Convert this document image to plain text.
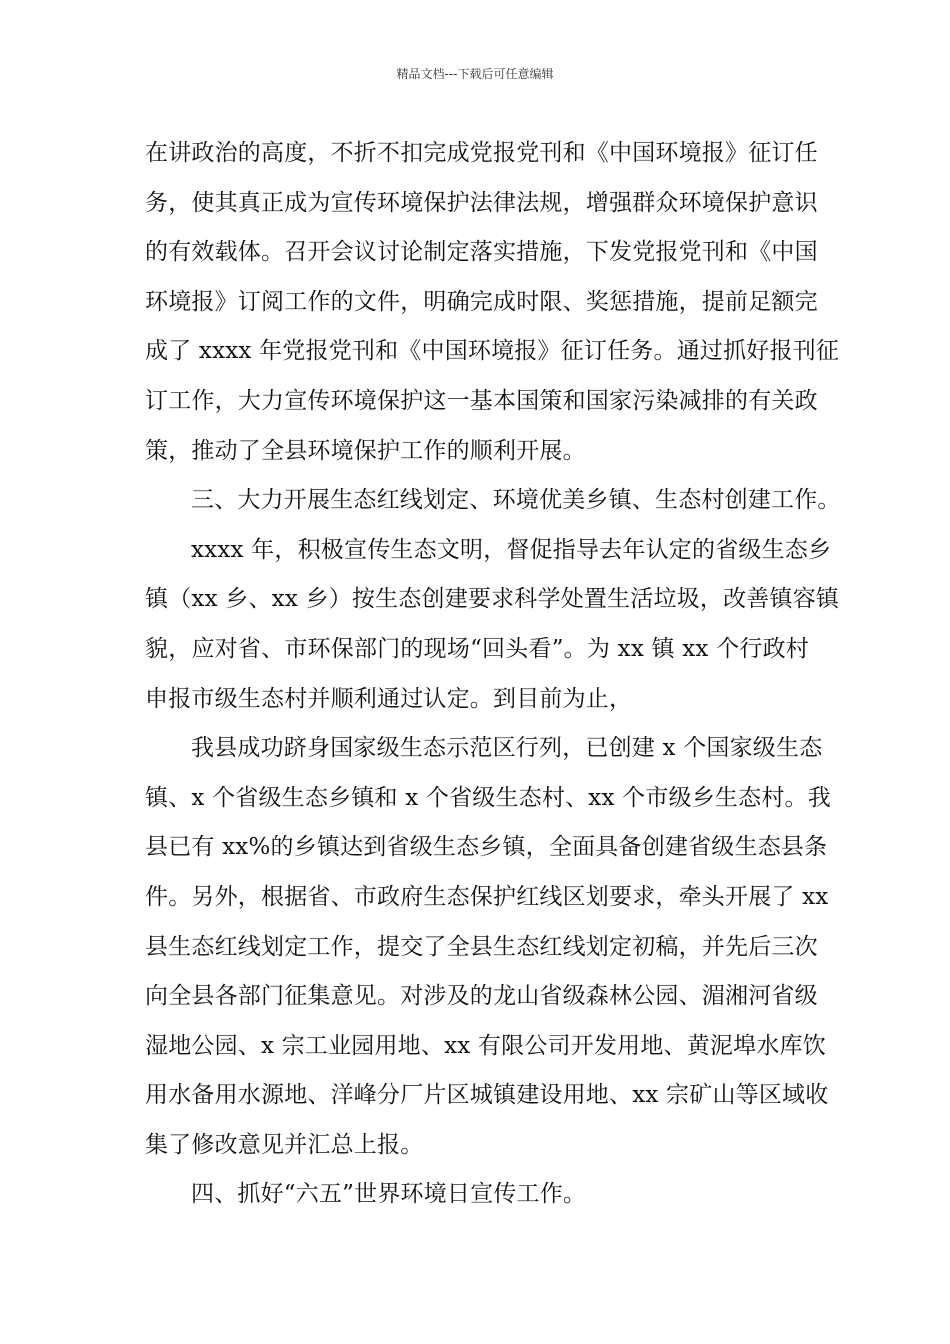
精品文档---下载后可任意编辑
在讲政治的高度，不折不扣完成党报党刊和《中国环境报》征订任
务，使其真正成为宣传环境保护法律法规，增强群众环境保护意识
的有效载体。召开会议讨论制定落实措施，下发党报党刊和《中国
环境报》订阅工作的文件，明确完成时限、奖惩措施，提前足额完
成了 xxxx 年党报党刊和《中国环境报》征订任务。通过抓好报刊征
订工作，大力宣传环境保护这一基本国策和国家污染减排的有关政
策，推动了全县环境保护工作的顺利开展。
三、大力开展生态红线划定、环境优美乡镇、生态村创建工作。
xxxx 年，积极宣传生态文明，督促指导去年认定的省级生态乡
镇（xx 乡、xx 乡）按生态创建要求科学处置生活垃圾，改善镇容镇
貌，应对省、市环保部门的现场“回头看”。为 xx 镇 xx 个行政村
申报市级生态村并顺利通过认定。到目前为止，
我县成功跻身国家级生态示范区行列，已创建 x 个国家级生态
镇、x 个省级生态乡镇和 x 个省级生态村、xx 个市级乡生态村。我
县已有 xx%的乡镇达到省级生态乡镇，全面具备创建省级生态县条
件。另外，根据省、市政府生态保护红线区划要求，牵头开展了 xx
县生态红线划定工作，提交了全县生态红线划定初稿，并先后三次
向全县各部门征集意见。对涉及的龙山省级森林公园、湄湘河省级
湿地公园、x 宗工业园用地、xx 有限公司开发用地、黄泥埠水库饮
用水备用水源地、洋峰分厂片区城镇建设用地、xx 宗矿山等区域收
集了修改意见并汇总上报。
四、抓好“六五”世界环境日宣传工作。
